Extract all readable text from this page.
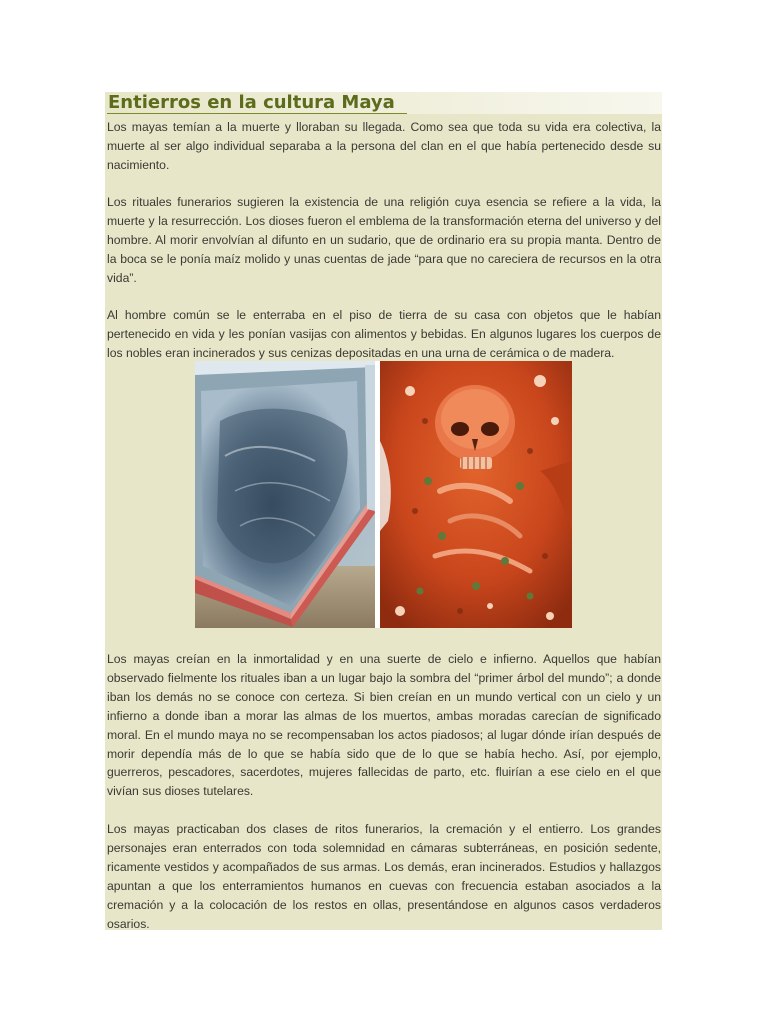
Entierros en la cultura Maya

Los mayas temían a la muerte y lloraban su llegada. Como sea que toda su vida era colectiva, la muerte al ser algo individual separaba a la persona del clan en el que había pertenecido desde su nacimiento.

Los rituales funerarios sugieren la existencia de una religión cuya esencia se refiere a la vida, la muerte y la resurrección. Los dioses fueron el emblema de la transformación eterna del universo y del hombre. Al morir envolvían al difunto en un sudario, que de ordinario era su propia manta. Dentro de la boca se le ponía maíz molido y unas cuentas de jade “para que no careciera de recursos en la otra vida”.

Al hombre común se le enterraba en el piso de tierra de su casa con objetos que le habían pertenecido en vida y les ponían vasijas con alimentos y bebidas. En algunos lugares los cuerpos de los nobles eran incinerados y sus cenizas depositadas en una urna de cerámica o de madera.

Los mayas creían en la inmortalidad y en una suerte de cielo e infierno. Aquellos que habían observado fielmente los rituales iban a un lugar bajo la sombra del “primer árbol del mundo”; a donde iban los demás no se conoce con certeza. Si bien creían en un mundo vertical con un cielo y un infierno a donde iban a morar las almas de los muertos, ambas moradas carecían de significado moral. En el mundo maya no se recompensaban los actos piadosos; al lugar dónde irían después de morir dependía más de lo que se había sido que de lo que se había hecho. Así, por ejemplo, guerreros, pescadores, sacerdotes, mujeres fallecidas de parto, etc. fluirían a ese cielo en el que vivían sus dioses tutelares.

Los mayas practicaban dos clases de ritos funerarios, la cremación y el entierro. Los grandes personajes eran enterrados con toda solemnidad en cámaras subterráneas, en posición sedente, ricamente vestidos y acompañados de sus armas. Los demás, eran incinerados. Estudios y hallazgos apuntan a que los enterramientos humanos en cuevas con frecuencia estaban asociados a la cremación y a la colocación de los restos en ollas, presentándose en algunos casos verdaderos osarios.
